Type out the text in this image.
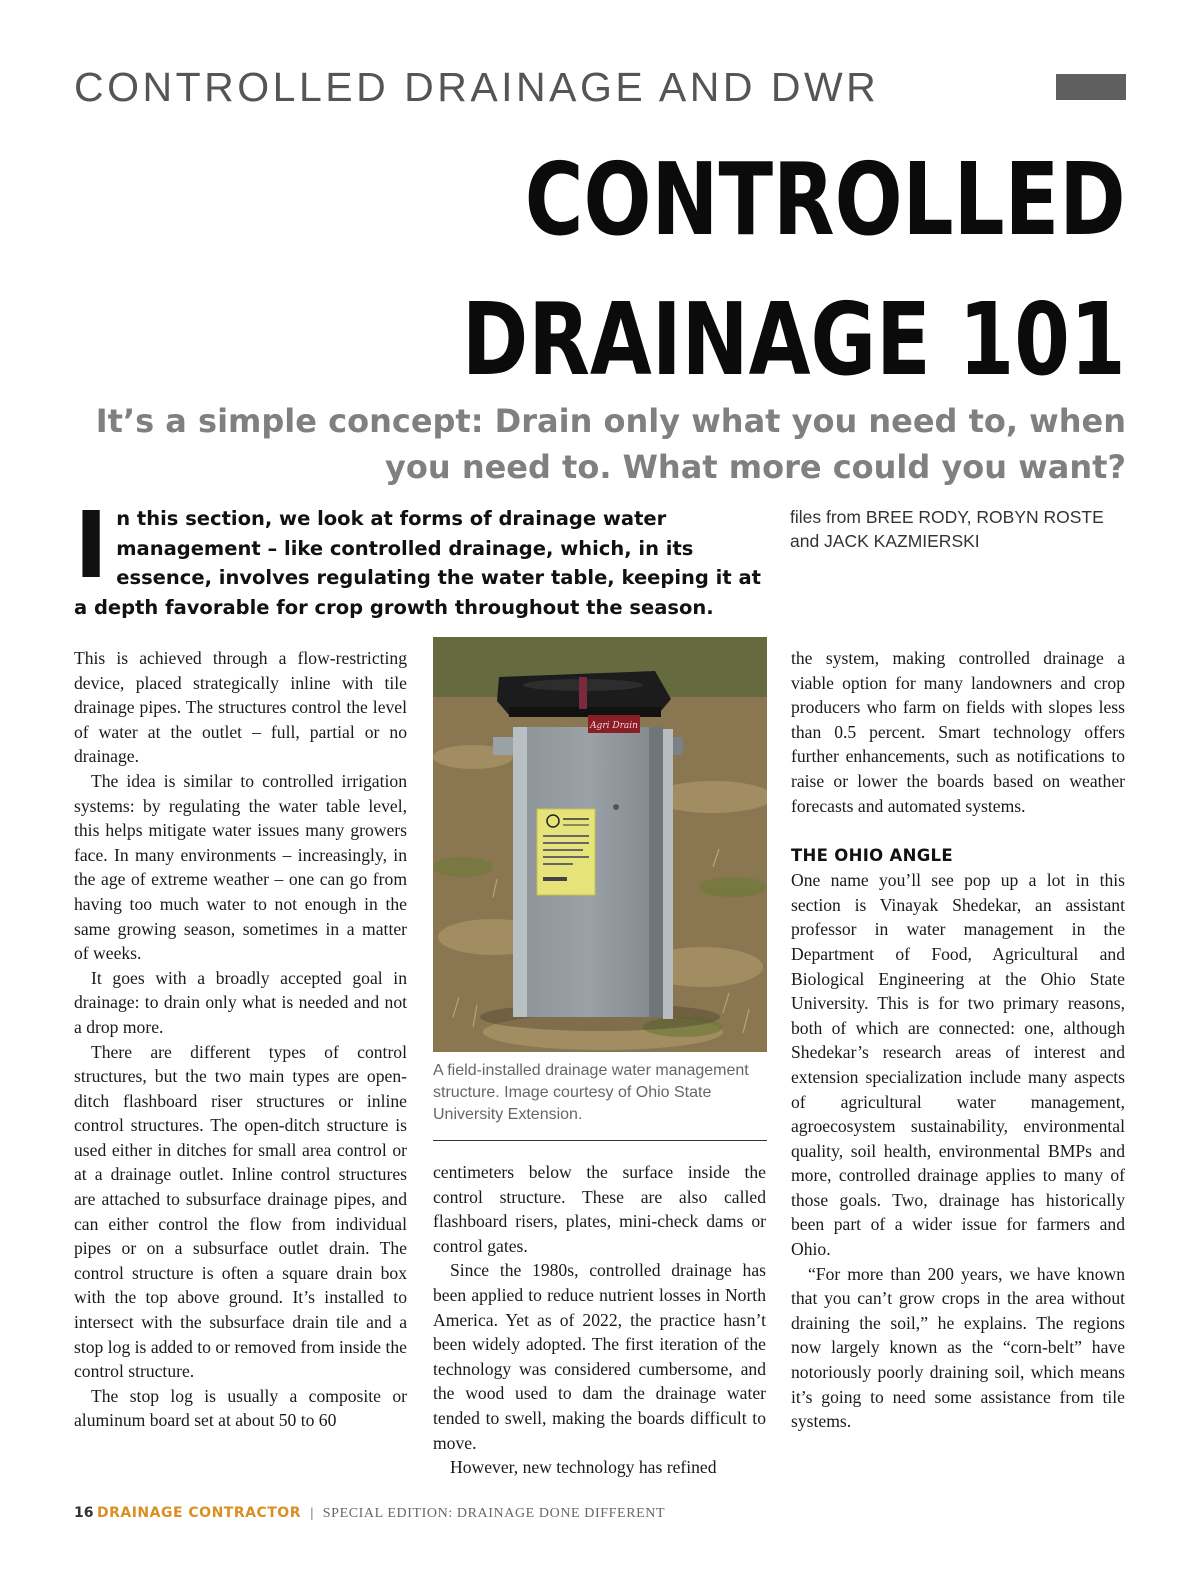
CONTROLLED DRAINAGE AND DWR
CONTROLLED
DRAINAGE 101
It’s a simple concept: Drain only what you need to, when you need to. What more could you want?
In this section, we look at forms of drainage water management – like controlled drainage, which, in its essence, involves regulating the water table, keeping it at a depth favorable for crop growth throughout the season.
files from BREE RODY, ROBYN ROSTE and JACK KAZMIERSKI

This is achieved through a flow-restricting device, placed strategically inline with tile drainage pipes. The structures control the level of water at the outlet – full, partial or no drainage.

The idea is similar to controlled irrigation systems: by regulating the water table level, this helps mitigate water issues many growers face. In many environments – increasingly, in the age of extreme weather – one can go from having too much water to not enough in the same growing season, sometimes in a matter of weeks.

It goes with a broadly accepted goal in drainage: to drain only what is needed and not a drop more.

There are different types of control structures, but the two main types are open-ditch flashboard riser structures or inline control structures. The open-ditch structure is used either in ditches for small area control or at a drainage outlet. Inline control structures are attached to subsurface drainage pipes, and can either control the flow from individual pipes or on a subsurface outlet drain. The control structure is often a square drain box with the top above ground. It’s installed to intersect with the subsurface drain tile and a stop log is added to or removed from inside the control structure.

The stop log is usually a composite or aluminum board set at about 50 to 60

Agri Drain
A field-installed drainage water management structure. Image courtesy of Ohio State University Extension.

centimeters below the surface inside the control structure. These are also called flashboard risers, plates, mini-check dams or control gates.

Since the 1980s, controlled drainage has been applied to reduce nutrient losses in North America. Yet as of 2022, the practice hasn’t been widely adopted. The first iteration of the technology was considered cumbersome, and the wood used to dam the drainage water tended to swell, making the boards difficult to move.

However, new technology has refined

the system, making controlled drainage a viable option for many landowners and crop producers who farm on fields with slopes less than 0.5 percent. Smart technology offers further enhancements, such as notifications to raise or lower the boards based on weather forecasts and automated systems.

THE OHIO ANGLE

One name you’ll see pop up a lot in this section is Vinayak Shedekar, an assistant professor in water management in the Department of Food, Agricultural and Biological Engineering at the Ohio State University. This is for two primary reasons, both of which are connected: one, although Shedekar’s research areas of interest and extension specialization include many aspects of agricultural water management, agroecosystem sustainability, environmental quality, soil health, environmental BMPs and more, controlled drainage applies to many of those goals. Two, drainage has historically been part of a wider issue for farmers and Ohio.

“For more than 200 years, we have known that you can’t grow crops in the area without draining the soil,” he explains. The regions now largely known as the “corn-belt” have notoriously poorly draining soil, which means it’s going to need some assistance from tile systems.

16 DRAINAGE CONTRACTOR | SPECIAL EDITION: DRAINAGE DONE DIFFERENT
